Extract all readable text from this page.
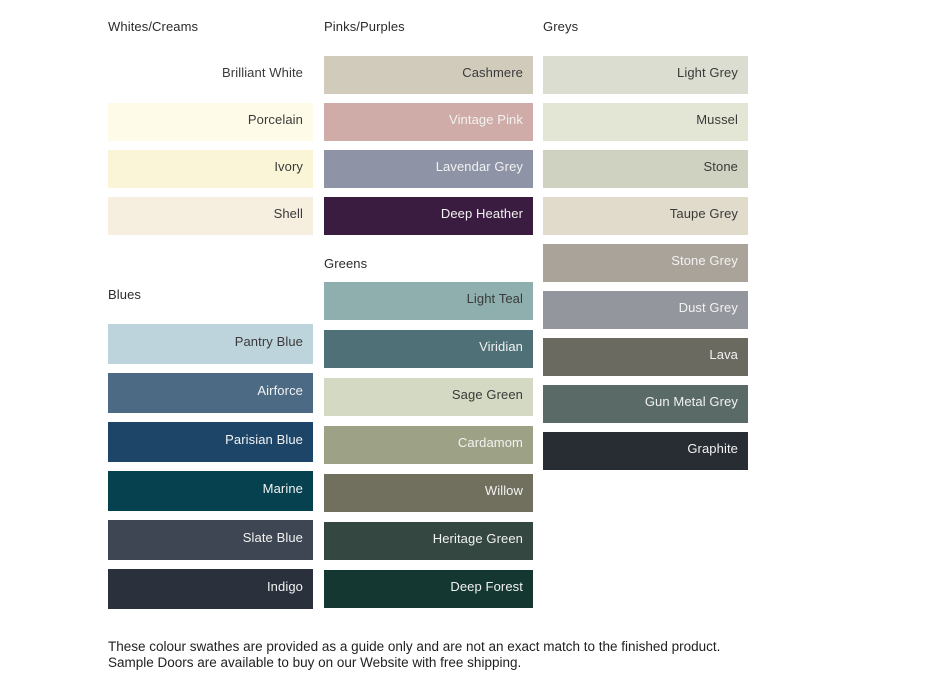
Whites/Creams
Brilliant White
Porcelain
Ivory
Shell
Blues
Pantry Blue
Airforce
Parisian Blue
Marine
Slate Blue
Indigo
Pinks/Purples
Cashmere
Vintage Pink
Lavendar Grey
Deep Heather
Greens
Light Teal
Viridian
Sage Green
Cardamom
Willow
Heritage Green
Deep Forest
Greys
Light Grey
Mussel
Stone
Taupe Grey
Stone Grey
Dust Grey
Lava
Gun Metal Grey
Graphite
These colour swathes are provided as a guide only and are not an exact match to the finished product.  Sample Doors are available to buy on our Website with free shipping.
